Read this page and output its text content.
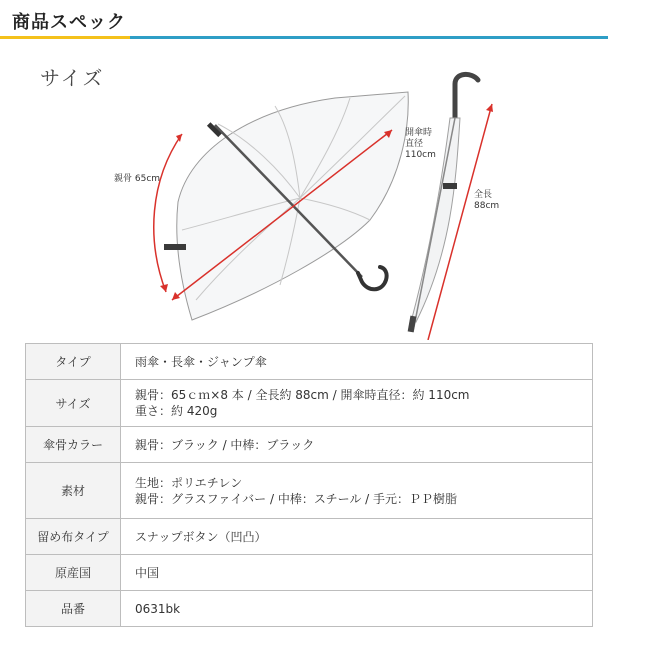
商品スペック
サイズ
親骨 65cm
開傘時
直径
110cm
全長
88cm
タイプ	雨傘・長傘・ジャンプ傘

サイズ	親骨：65ｃｍ×8 本 / 全長約 88cm / 開傘時直径：約 110cm
重さ：約 420g

傘骨カラー	親骨：ブラック / 中棒：ブラック

素材	生地：ポリエチレン
親骨：グラスファイバー / 中棒：スチール / 手元：ＰＰ樹脂

留め布タイプ	スナップボタン（凹凸）

原産国	中国

品番	0631bk
